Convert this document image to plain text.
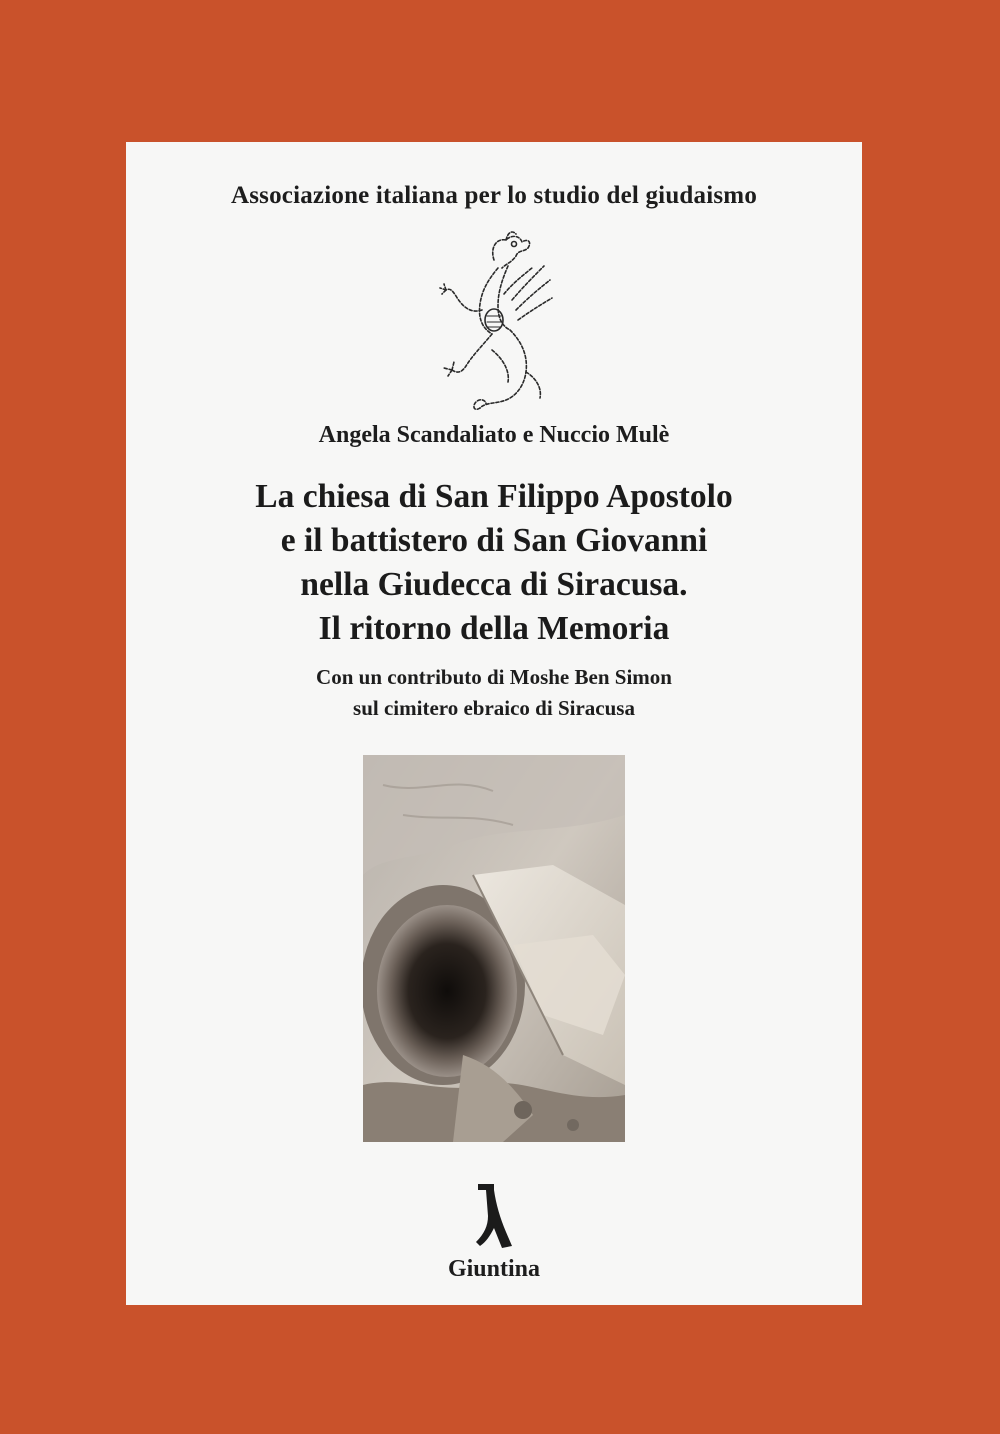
Associazione italiana per lo studio del giudaismo
Angela Scandaliato e Nuccio Mulè
La chiesa di San Filippo Apostolo
e il battistero di San Giovanni
nella Giudecca di Siracusa.
Il ritorno della Memoria
Con un contributo di Moshe Ben Simon
sul cimitero ebraico di Siracusa
Giuntina
